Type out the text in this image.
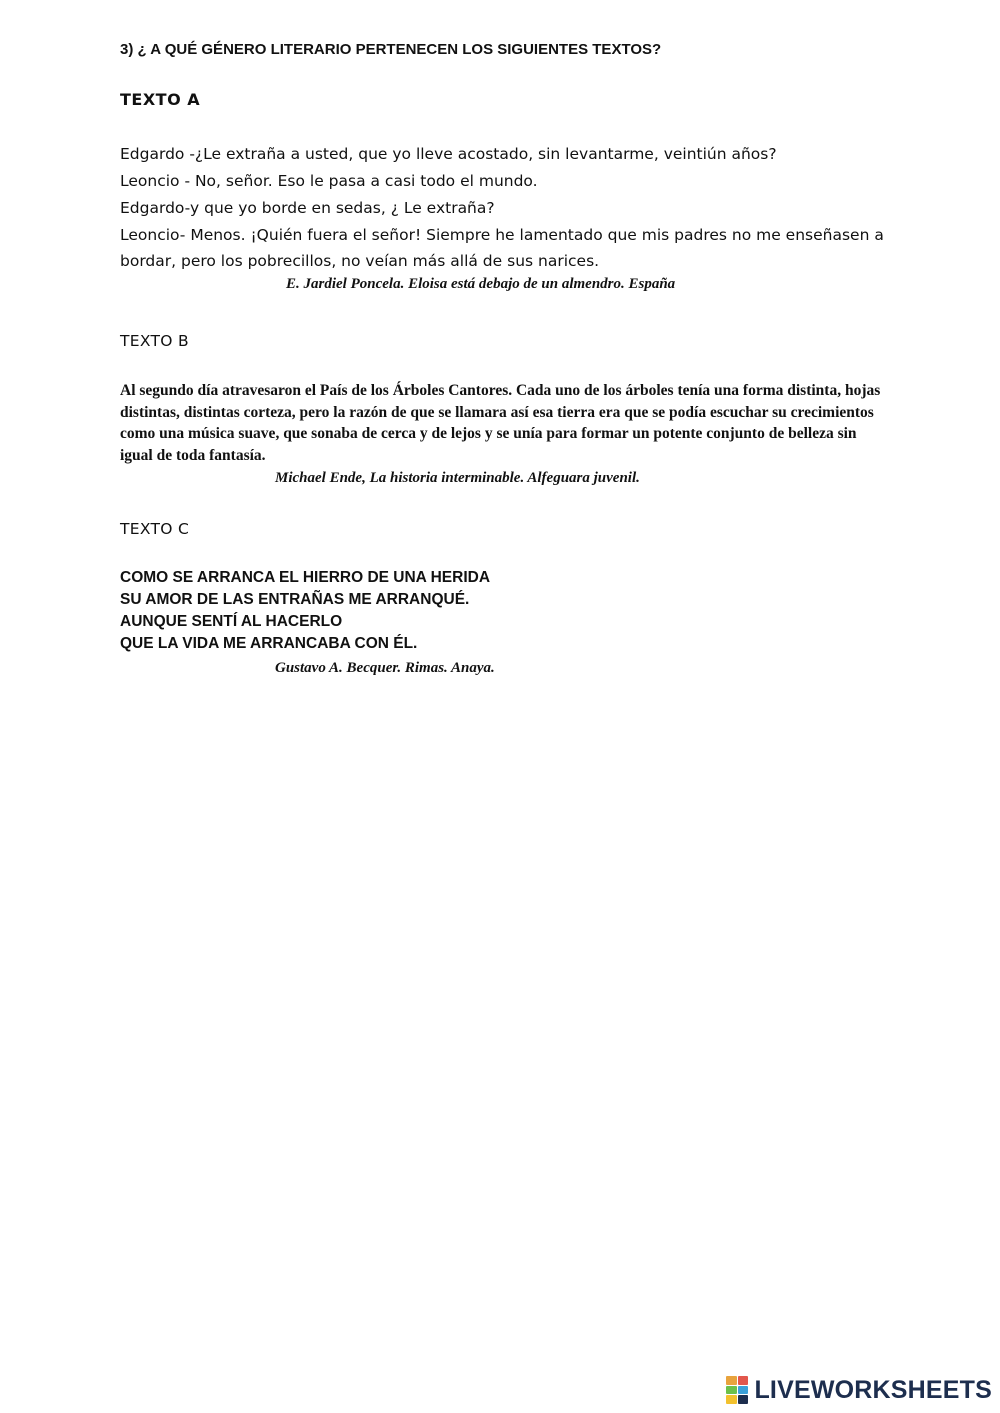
3) ¿ A QUÉ GÉNERO LITERARIO PERTENECEN LOS SIGUIENTES TEXTOS?
TEXTO A
Edgardo -¿Le extraña a usted, que yo lleve acostado, sin levantarme, veintiún años?
Leoncio - No, señor. Eso le pasa a casi todo el mundo.
Edgardo-y que yo borde en sedas, ¿ Le extraña?
Leoncio- Menos. ¡Quién fuera el señor! Siempre he lamentado que mis padres no me enseñasen a
bordar, pero los pobrecillos, no veían más allá de sus narices.
E. Jardiel Poncela. Eloisa está debajo de un almendro. España
TEXTO B
Al segundo día atravesaron el País de los Árboles Cantores. Cada uno de los árboles tenía una forma distinta, hojas distintas, distintas corteza, pero la razón de que se llamara así esa tierra era que se podía escuchar su crecimientos como una música suave, que sonaba de cerca y de lejos y se unía para formar un potente conjunto de belleza sin igual de toda fantasía.
Michael Ende, La historia interminable. Alfeguara juvenil.
TEXTO C
COMO SE ARRANCA EL HIERRO DE UNA HERIDA
SU AMOR DE LAS ENTRAÑAS ME ARRANQUÉ.
AUNQUE SENTÍ AL HACERLO
QUE LA VIDA ME ARRANCABA CON ÉL.
Gustavo A. Becquer. Rimas. Anaya.
LIVEWORKSHEETS
